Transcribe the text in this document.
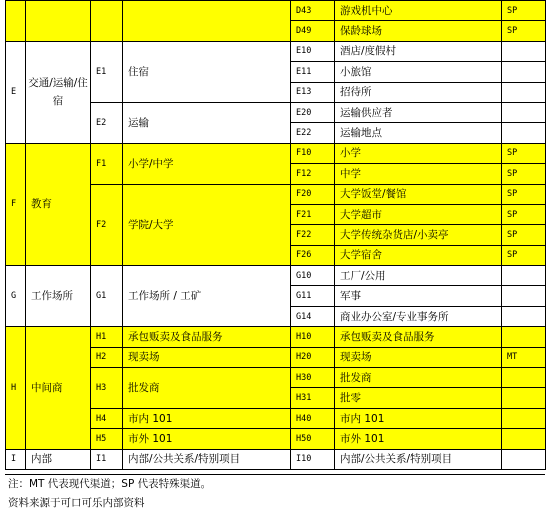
				D43	游戏机中心	SP
				D49	保龄球场	SP
E	交通/运输/住宿	E1	住宿	E10	酒店/度假村	
				E11	小旅馆	
				E13	招待所	
		E2	运输	E20	运输供应者	
				E22	运输地点	
F	教育	F1	小学/中学	F10	小学	SP
				F12	中学	SP
		F2	学院/大学	F20	大学饭堂/餐馆	SP
				F21	大学超市	SP
				F22	大学传统杂货店/小卖亭	SP
				F26	大学宿舍	SP
G	工作场所	G1	工作场所 / 工矿	G10	工厂/公用	
				G11	军事	
				G14	商业办公室/专业事务所	
H	中间商	H1	承包贩卖及食品服务	H10	承包贩卖及食品服务	
		H2	现卖场	H20	现卖场	MT
		H3	批发商	H30	批发商	
				H31	批零	
		H4	市内 101	H40	市内 101	
		H5	市外 101	H50	市外 101	
I	内部	I1	内部/公共关系/特别项目	I10	内部/公共关系/特别项目	
注：MT 代表现代渠道；SP 代表特殊渠道。
资料来源于可口可乐内部资料
